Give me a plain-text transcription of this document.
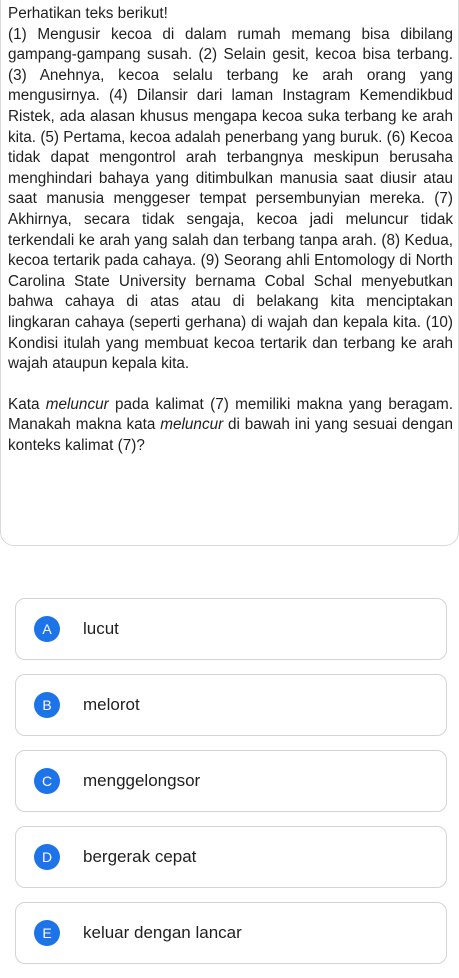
Perhatikan teks berikut!

(1) Mengusir kecoa di dalam rumah memang bisa dibilang gampang-gampang susah. (2) Selain gesit, kecoa bisa terbang. (3) Anehnya, kecoa selalu terbang ke arah orang yang mengusirnya. (4) Dilansir dari laman Instagram Kemendikbud Ristek, ada alasan khusus mengapa kecoa suka terbang ke arah kita. (5) Pertama, kecoa adalah penerbang yang buruk. (6) Kecoa tidak dapat mengontrol arah terbangnya meskipun berusaha menghindari bahaya yang ditimbulkan manusia saat diusir atau saat manusia menggeser tempat persembunyian mereka. (7) Akhirnya, secara tidak sengaja, kecoa jadi meluncur tidak terkendali ke arah yang salah dan terbang tanpa arah. (8) Kedua, kecoa tertarik pada cahaya. (9) Seorang ahli Entomology di North Carolina State University bernama Cobal Schal menyebutkan bahwa cahaya di atas atau di belakang kita menciptakan lingkaran cahaya (seperti gerhana) di wajah dan kepala kita. (10) Kondisi itulah yang membuat kecoa tertarik dan terbang ke arah wajah ataupun kepala kita.

Kata meluncur pada kalimat (7) memiliki makna yang beragam. Manakah makna kata meluncur di bawah ini yang sesuai dengan konteks kalimat (7)?

A	lucut
B	melorot
C	menggelongsor
D	bergerak cepat
E	keluar dengan lancar
